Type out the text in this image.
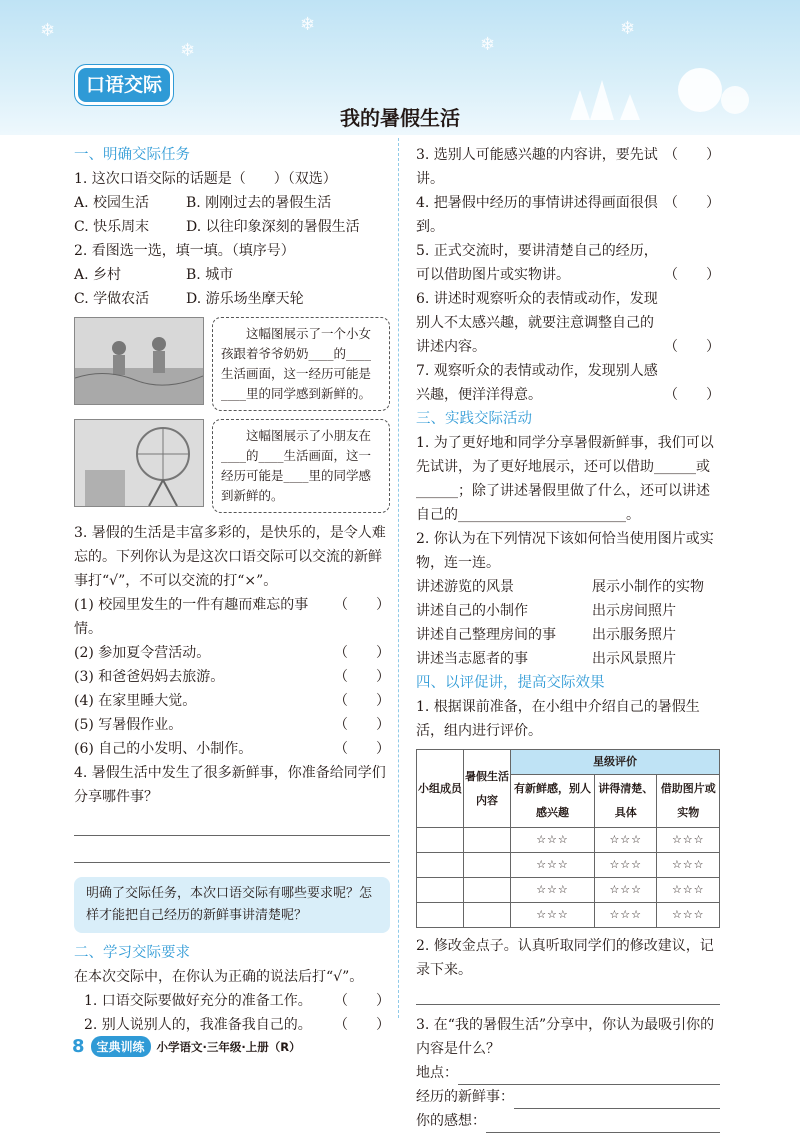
❄
❄
❄
❄
❄
口语交际
我的暑假生活

一、明确交际任务

1. 这次口语交际的话题是（　　）（双选）

A. 校园生活	B. 刚刚过去的暑假生活
C. 快乐周末	D. 以往印象深刻的暑假生活

2. 看图选一选，填一填。（填序号）

A. 乡村	B. 城市
C. 学做农活	D. 游乐场坐摩天轮
这幅图展示了一个小女孩跟着爷爷奶奶____的____生活画面，这一经历可能是____里的同学感到新鲜的。
这幅图展示了小朋友在____的____生活画面，这一经历可能是____里的同学感到新鲜的。

3. 暑假的生活是丰富多彩的，是快乐的，是令人难忘的。下列你认为是这次口语交际可以交流的新鲜事打“√”，不可以交流的打“×”。

(1) 校园里发生的一件有趣而难忘的事情。
（　　）
(2) 参加夏令营活动。	（　　）
(3) 和爸爸妈妈去旅游。	（　　）
(4) 在家里睡大觉。	（　　）
(5) 写暑假作业。	（　　）
(6) 自己的小发明、小制作。	（　　）

4. 暑假生活中发生了很多新鲜事，你准备给同学们分享哪件事？

明确了交际任务，本次口语交际有哪些要求呢？怎样才能把自己经历的新鲜事讲清楚呢？

二、学习交际要求

在本次交际中，在你认为正确的说法后打“√”。

1. 口语交际要做好充分的准备工作。 （　　）
2. 别人说别人的，我准备我自己的。 （　　）
3. 选别人可能感兴趣的内容讲，要先试讲。
（　　）
4. 把暑假中经历的事情讲述得画面很倶到。
（　　）
5. 正式交流时，要讲清楚自己的经历，可以借助图片或实物讲。	（　　）
6. 讲述时观察听众的表情或动作，发现别人不太感兴趣，就要注意调整自己的讲述内容。	（　　）
7. 观察听众的表情或动作，发现别人感兴趣，便洋洋得意。	（　　）

三、实践交际活动

1. 为了更好地和同学分享暑假新鲜事，我们可以先试讲，为了更好地展示，还可以借助______或______；除了讲述暑假里做了什么，还可以讲述自己的________________________。

2. 你认为在下列情况下该如何恰当使用图片或实物，连一连。

讲述游览的风景	展示小制作的实物
讲述自己的小制作	出示房间照片
讲述自己整理房间的事	出示服务照片
讲述当志愿者的事	出示风景照片

四、以评促讲，提高交际效果

1. 根据课前准备，在小组中介绍自己的暑假生活，组内进行评价。

小组成员	暑假生活内容	星级评价		
		有新鲜感，别人感兴趣	讲得清楚、具体	借助图片或实物
		☆☆☆	☆☆☆	☆☆☆
		☆☆☆	☆☆☆	☆☆☆
		☆☆☆	☆☆☆	☆☆☆
		☆☆☆	☆☆☆	☆☆☆

2. 修改金点子。认真听取同学们的修改建议，记录下来。

3. 在“我的暑假生活”分享中，你认为最吸引你的内容是什么？

地点：
经历的新鲜事：
你的感想：
8	宝典训练	小学语文·三年级·上册（R）
